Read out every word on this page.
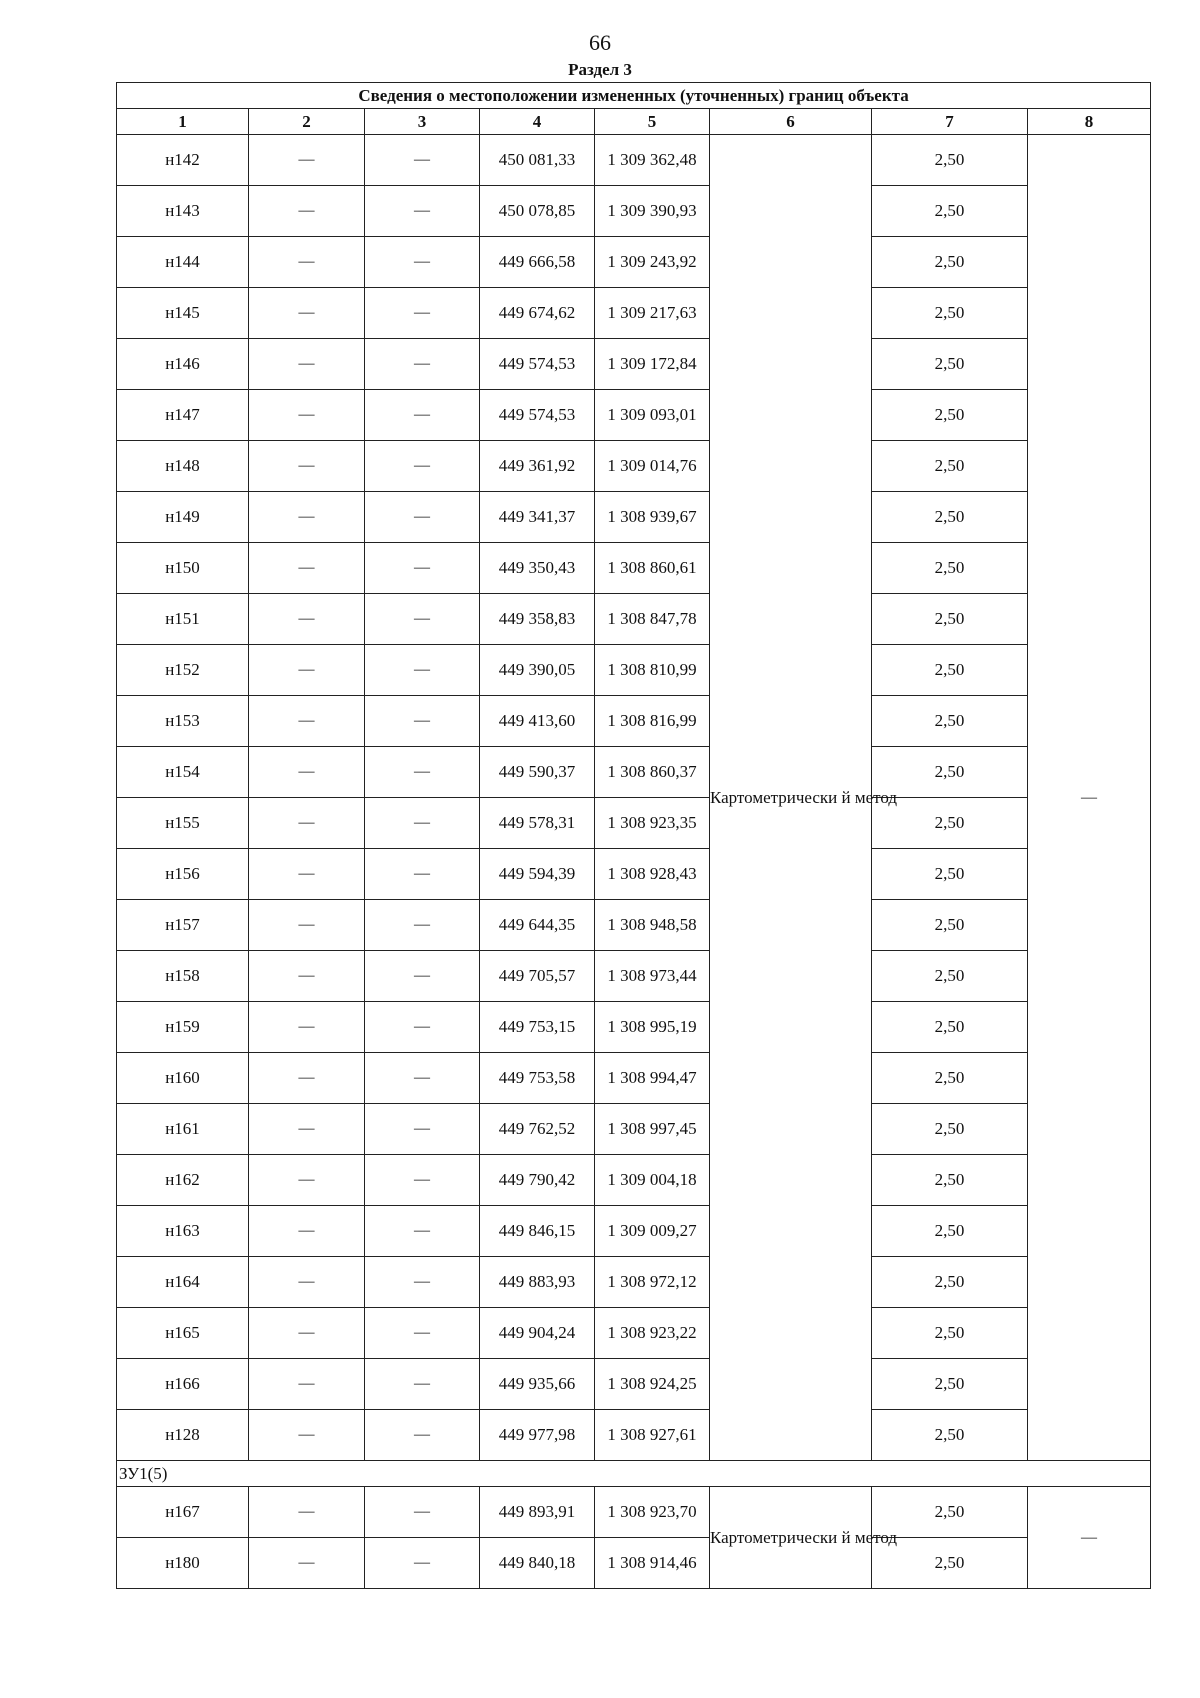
66
Раздел 3
Сведения о местоположении измененных (уточненных) границ объекта							
1	2	3	4	5	6	7	8
н142	—	—	450 081,33	1 309 362,48	Картометрически й метод	2,50	—
н143	—	—	450 078,85	1 309 390,93		2,50	
н144	—	—	449 666,58	1 309 243,92		2,50	
н145	—	—	449 674,62	1 309 217,63		2,50	
н146	—	—	449 574,53	1 309 172,84		2,50	
н147	—	—	449 574,53	1 309 093,01		2,50	
н148	—	—	449 361,92	1 309 014,76		2,50	
н149	—	—	449 341,37	1 308 939,67		2,50	
н150	—	—	449 350,43	1 308 860,61		2,50	
н151	—	—	449 358,83	1 308 847,78		2,50	
н152	—	—	449 390,05	1 308 810,99		2,50	
н153	—	—	449 413,60	1 308 816,99		2,50	
н154	—	—	449 590,37	1 308 860,37		2,50	
н155	—	—	449 578,31	1 308 923,35		2,50	
н156	—	—	449 594,39	1 308 928,43		2,50	
н157	—	—	449 644,35	1 308 948,58		2,50	
н158	—	—	449 705,57	1 308 973,44		2,50	
н159	—	—	449 753,15	1 308 995,19		2,50	
н160	—	—	449 753,58	1 308 994,47		2,50	
н161	—	—	449 762,52	1 308 997,45		2,50	
н162	—	—	449 790,42	1 309 004,18		2,50	
н163	—	—	449 846,15	1 309 009,27		2,50	
н164	—	—	449 883,93	1 308 972,12		2,50	
н165	—	—	449 904,24	1 308 923,22		2,50	
н166	—	—	449 935,66	1 308 924,25		2,50	
н128	—	—	449 977,98	1 308 927,61		2,50	
ЗУ1(5)							
н167	—	—	449 893,91	1 308 923,70	Картометрически й метод	2,50	—
н180	—	—	449 840,18	1 308 914,46		2,50	
